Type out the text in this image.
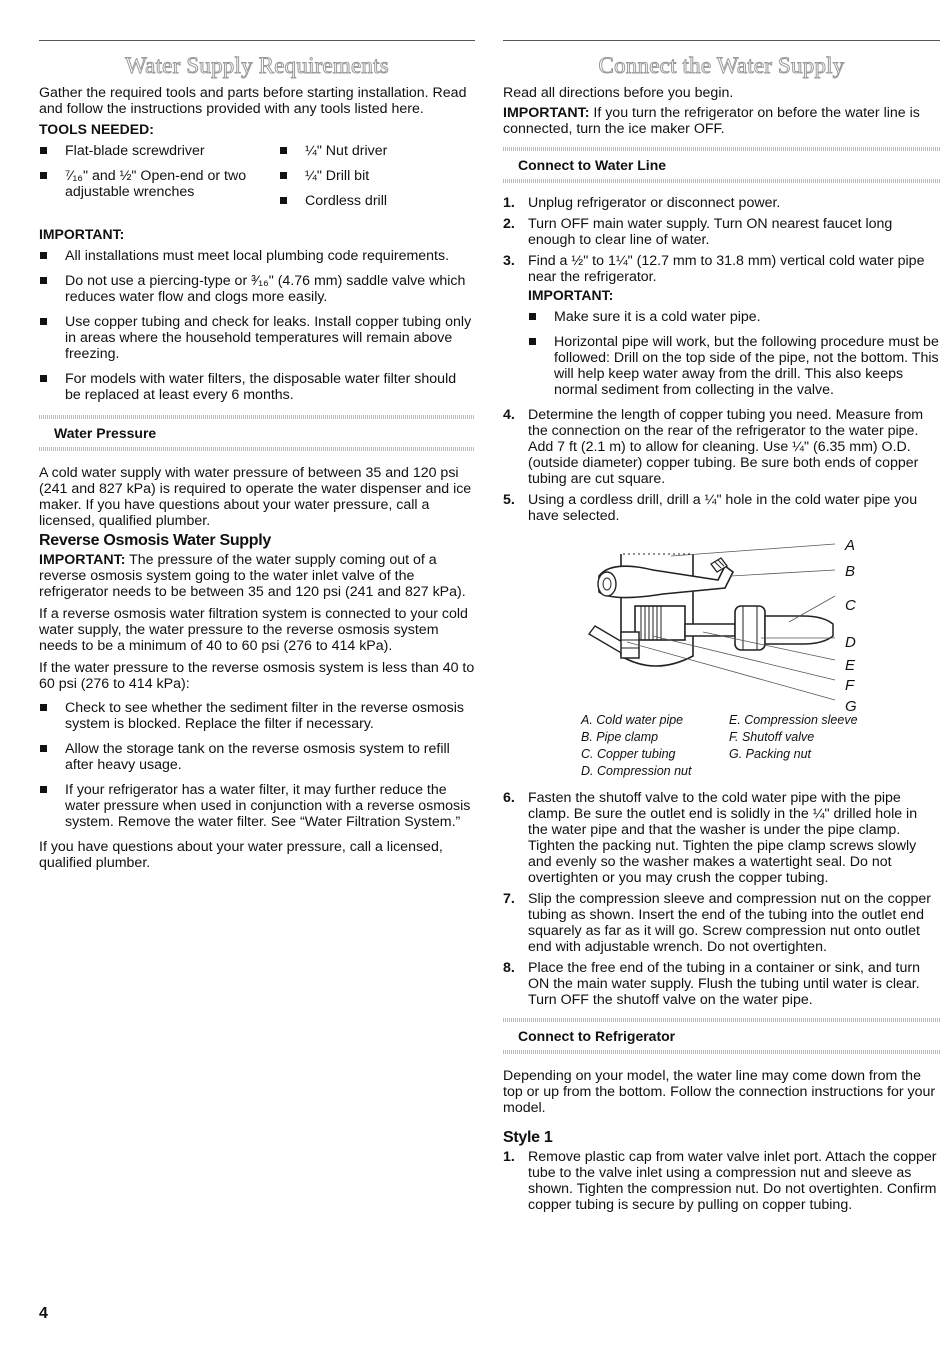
Water Supply Requirements

Gather the required tools and parts before starting installation. Read and follow the instructions provided with any tools listed here.

TOOLS NEEDED:
Flat-blade screwdriver
⁷⁄₁₆" and ½" Open-end or two adjustable wrenches
¼" Nut driver
¼" Drill bit
Cordless drill
IMPORTANT:
All installations must meet local plumbing code requirements.
Do not use a piercing-type or ³⁄₁₆" (4.76 mm) saddle valve which reduces water flow and clogs more easily.
Use copper tubing and check for leaks. Install copper tubing only in areas where the household temperatures will remain above freezing.
For models with water filters, the disposable water filter should be replaced at least every 6 months.
Water Pressure

A cold water supply with water pressure of between 35 and 120 psi (241 and 827 kPa) is required to operate the water dispenser and ice maker. If you have questions about your water pressure, call a licensed, qualified plumber.

Reverse Osmosis Water Supply

IMPORTANT: The pressure of the water supply coming out of a reverse osmosis system going to the water inlet valve of the refrigerator needs to be between 35 and 120 psi (241 and 827 kPa).

If a reverse osmosis water filtration system is connected to your cold water supply, the water pressure to the reverse osmosis system needs to be a minimum of 40 to 60 psi (276 to 414 kPa).

If the water pressure to the reverse osmosis system is less than 40 to 60 psi (276 to 414 kPa):

Check to see whether the sediment filter in the reverse osmosis system is blocked. Replace the filter if necessary.
Allow the storage tank on the reverse osmosis system to refill after heavy usage.
If your refrigerator has a water filter, it may further reduce the water pressure when used in conjunction with a reverse osmosis system. Remove the water filter. See “Water Filtration System.”

If you have questions about your water pressure, call a licensed, qualified plumber.

Connect the Water Supply

Read all directions before you begin.

IMPORTANT: If you turn the refrigerator on before the water line is connected, turn the ice maker OFF.

Connect to Water Line
1. Unplug refrigerator or disconnect power.
2. Turn OFF main water supply. Turn ON nearest faucet long enough to clear line of water.
3. Find a ½" to 1¼" (12.7 mm to 31.8 mm) vertical cold water pipe near the refrigerator.
IMPORTANT:
Make sure it is a cold water pipe.
Horizontal pipe will work, but the following procedure must be followed: Drill on the top side of the pipe, not the bottom. This will help keep water away from the drill. This also keeps normal sediment from collecting in the valve.
4. Determine the length of copper tubing you need. Measure from the connection on the rear of the refrigerator to the water pipe. Add 7 ft (2.1 m) to allow for cleaning. Use ¼" (6.35 mm) O.D. (outside diameter) copper tubing. Be sure both ends of copper tubing are cut square.
5. Using a cordless drill, drill a ¼" hole in the cold water pipe you have selected.
A
B
C
D
E
F
G
A. Cold water pipe
B. Pipe clamp
C. Copper tubing
D. Compression nut
E. Compression sleeve
F. Shutoff valve
G. Packing nut
6. Fasten the shutoff valve to the cold water pipe with the pipe clamp. Be sure the outlet end is solidly in the ¼" drilled hole in the water pipe and that the washer is under the pipe clamp. Tighten the packing nut. Tighten the pipe clamp screws slowly and evenly so the washer makes a watertight seal. Do not overtighten or you may crush the copper tubing.
7. Slip the compression sleeve and compression nut on the copper tubing as shown. Insert the end of the tubing into the outlet end squarely as far as it will go. Screw compression nut onto outlet end with adjustable wrench. Do not overtighten.
8. Place the free end of the tubing in a container or sink, and turn ON the main water supply. Flush the tubing until water is clear. Turn OFF the shutoff valve on the water pipe.
Connect to Refrigerator

Depending on your model, the water line may come down from the top or up from the bottom. Follow the connection instructions for your model.

Style 1
1. Remove plastic cap from water valve inlet port. Attach the copper tube to the valve inlet using a compression nut and sleeve as shown. Tighten the compression nut. Do not overtighten. Confirm copper tubing is secure by pulling on copper tubing.
4
